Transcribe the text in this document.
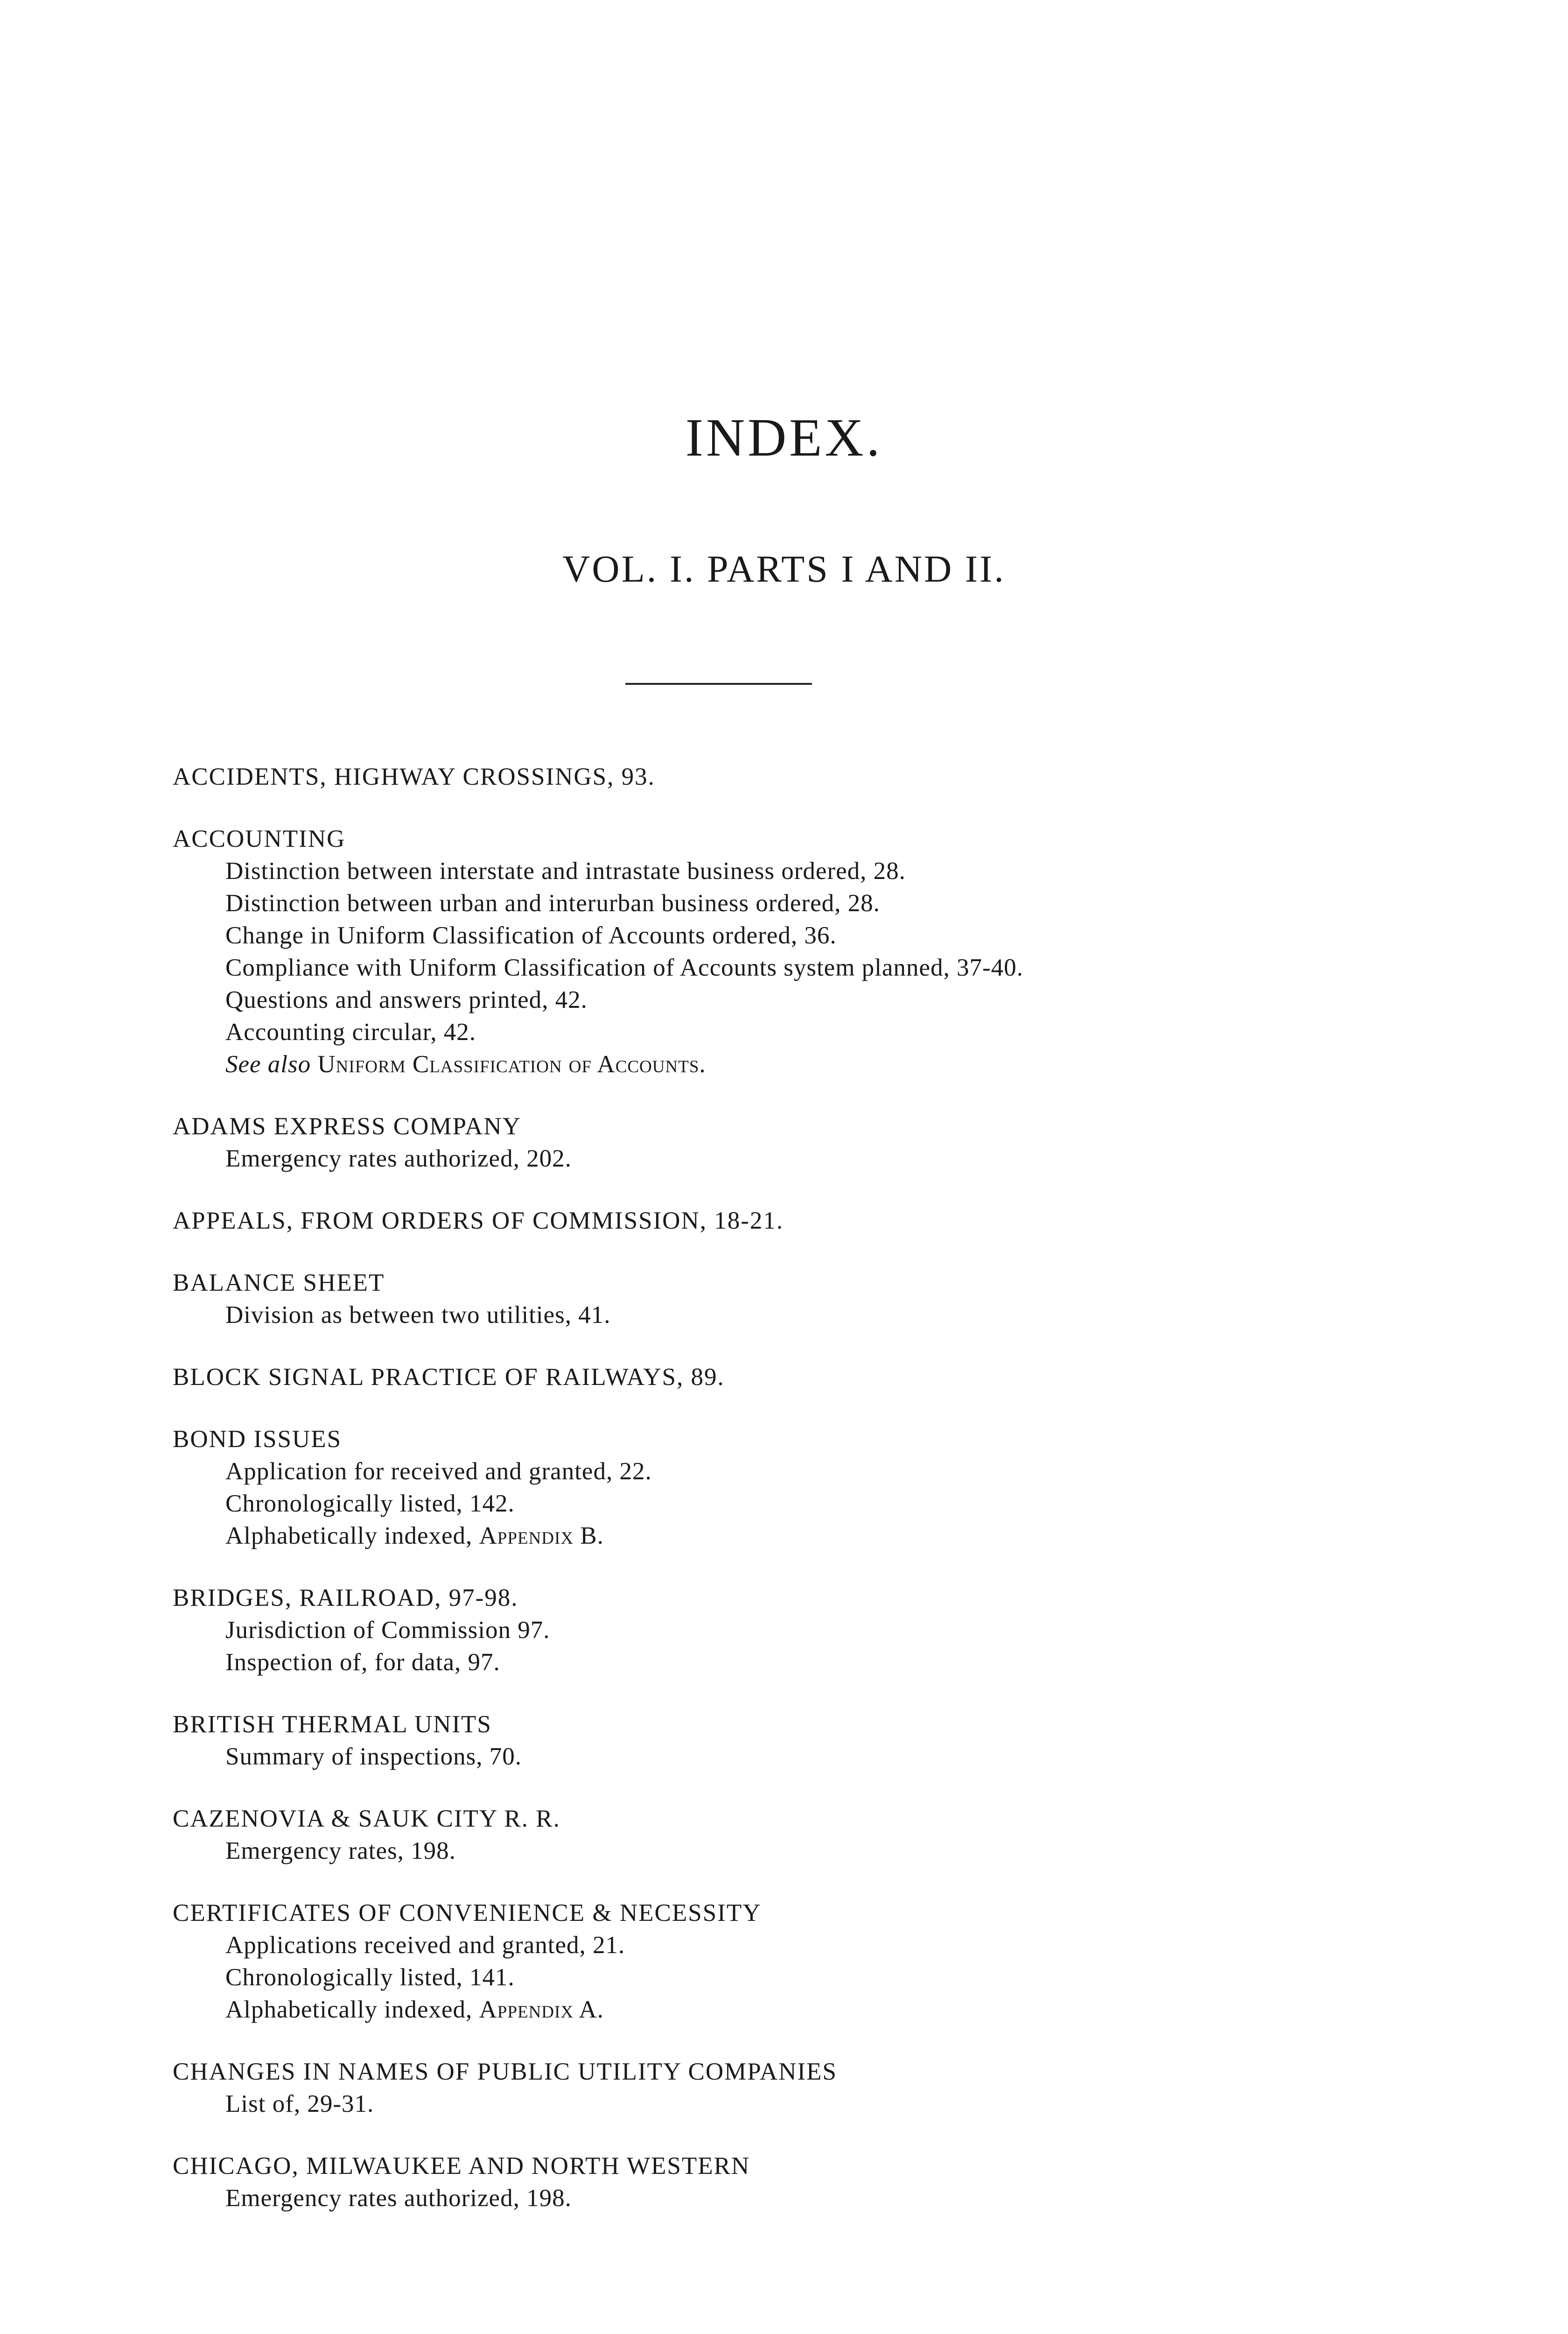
INDEX.
VOL. I. PARTS I AND II.
ACCIDENTS, HIGHWAY CROSSINGS, 93.
ACCOUNTING
Distinction between interstate and intrastate business ordered, 28.
Distinction between urban and interurban business ordered, 28.
Change in Uniform Classification of Accounts ordered, 36.
Compliance with Uniform Classification of Accounts system planned, 37-40.
Questions and answers printed, 42.
Accounting circular, 42.
See also Uniform Classification of Accounts.
ADAMS EXPRESS COMPANY
Emergency rates authorized, 202.
APPEALS, FROM ORDERS OF COMMISSION, 18-21.
BALANCE SHEET
Division as between two utilities, 41.
BLOCK SIGNAL PRACTICE OF RAILWAYS, 89.
BOND ISSUES
Application for received and granted, 22.
Chronologically listed, 142.
Alphabetically indexed, Appendix B.
BRIDGES, RAILROAD, 97-98.
Jurisdiction of Commission 97.
Inspection of, for data, 97.
BRITISH THERMAL UNITS
Summary of inspections, 70.
CAZENOVIA & SAUK CITY R. R.
Emergency rates, 198.
CERTIFICATES OF CONVENIENCE & NECESSITY
Applications received and granted, 21.
Chronologically listed, 141.
Alphabetically indexed, Appendix A.
CHANGES IN NAMES OF PUBLIC UTILITY COMPANIES
List of, 29-31.
CHICAGO, MILWAUKEE AND NORTH WESTERN
Emergency rates authorized, 198.
